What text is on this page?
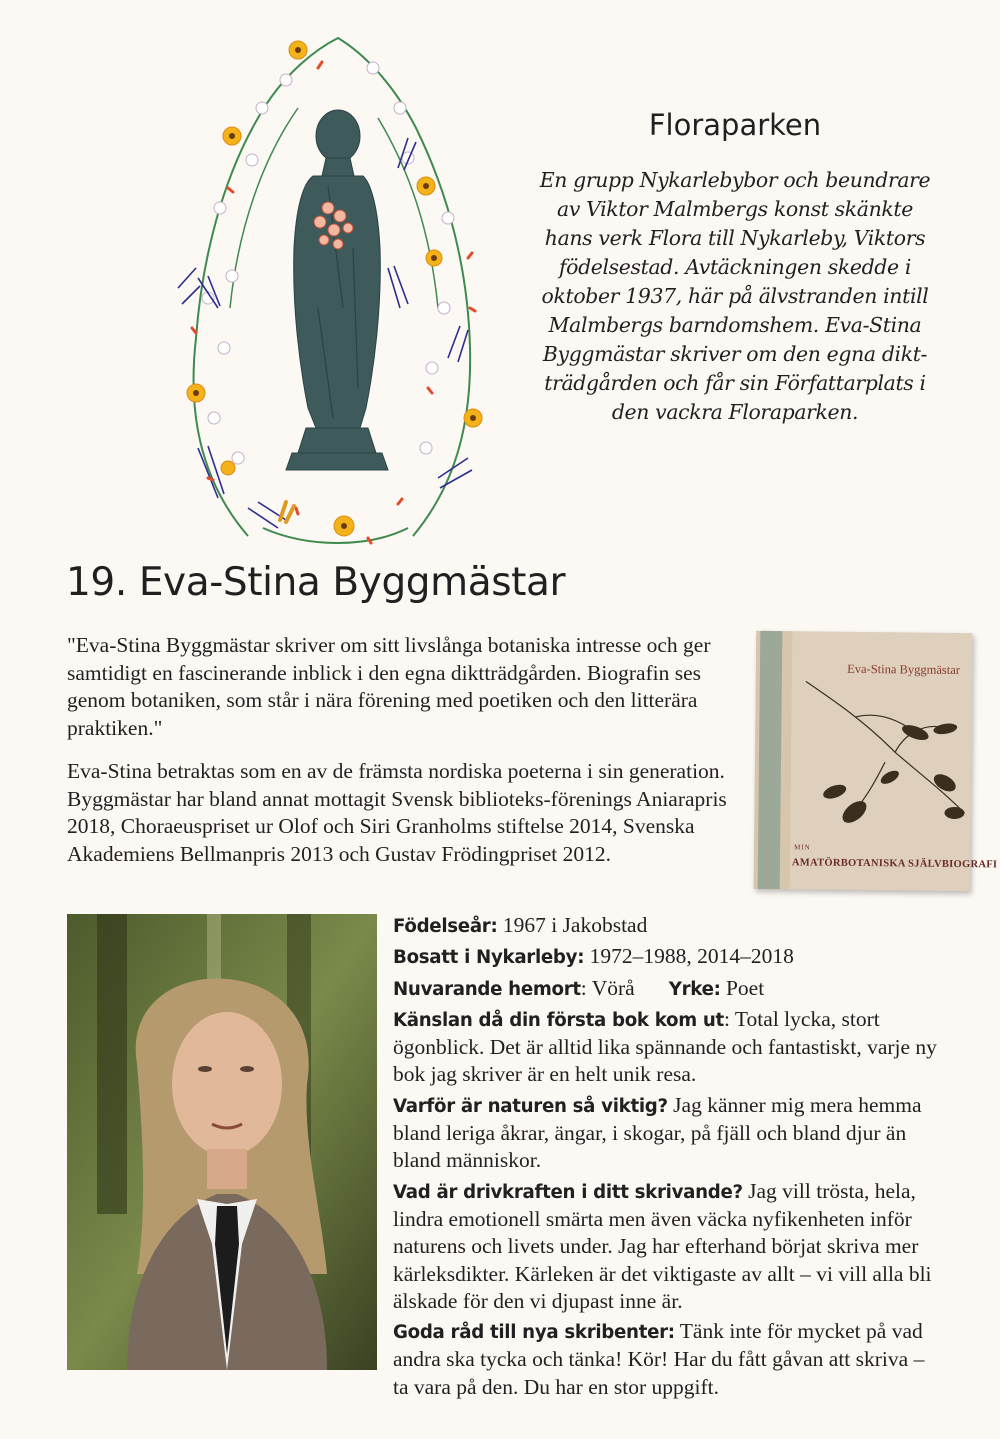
Floraparken
En grupp Nykarlebybor och beundrare av Viktor Malmbergs konst skänkte hans verk Flora till Nykarleby, Viktors födelsestad. Avtäckningen skedde i oktober 1937, här på älvstranden intill Malmbergs barndomshem. Eva-Stina Byggmästar skriver om den egna dikt-trädgården och får sin Författarplats i den vackra Floraparken.
19. Eva-Stina Byggmästar

"Eva-Stina Byggmästar skriver om sitt livslånga botaniska intresse och ger samtidigt en fascinerande inblick i den egna diktträdgården. Biografin ses genom botaniken, som står i nära förening med poetiken och den litterära praktiken."

Eva-Stina betraktas som en av de främsta nordiska poeterna i sin generation. Byggmästar har bland annat mottagit Svensk biblioteks-förenings Aniarapris 2018, Choraeuspriset ur Olof och Siri Granholms stiftelse 2014, Svenska Akademiens Bellmanpris 2013 och Gustav Frödingpriset 2012.

Eva-Stina Byggmästar
MIN
AMATÖRBOTANISKA SJÄLVBIOGRAFI

Födelseår: 1967 i Jakobstad

Bosatt i Nykarleby: 1972–1988, 2014–2018

Nuvarande hemort: Vörå Yrke: Poet

Känslan då din första bok kom ut: Total lycka, stort ögonblick. Det är alltid lika spännande och fantastiskt, varje ny bok jag skriver är en helt unik resa.

Varför är naturen så viktig? Jag känner mig mera hemma bland leriga åkrar, ängar, i skogar, på fjäll och bland djur än bland människor.

Vad är drivkraften i ditt skrivande? Jag vill trösta, hela, lindra emotionell smärta men även väcka nyfikenheten inför naturens och livets under. Jag har efterhand börjat skriva mer kärleksdikter. Kärleken är det viktigaste av allt – vi vill alla bli älskade för den vi djupast inne är.

Goda råd till nya skribenter: Tänk inte för mycket på vad andra ska tycka och tänka! Kör! Har du fått gåvan att skriva – ta vara på den. Du har en stor uppgift.
